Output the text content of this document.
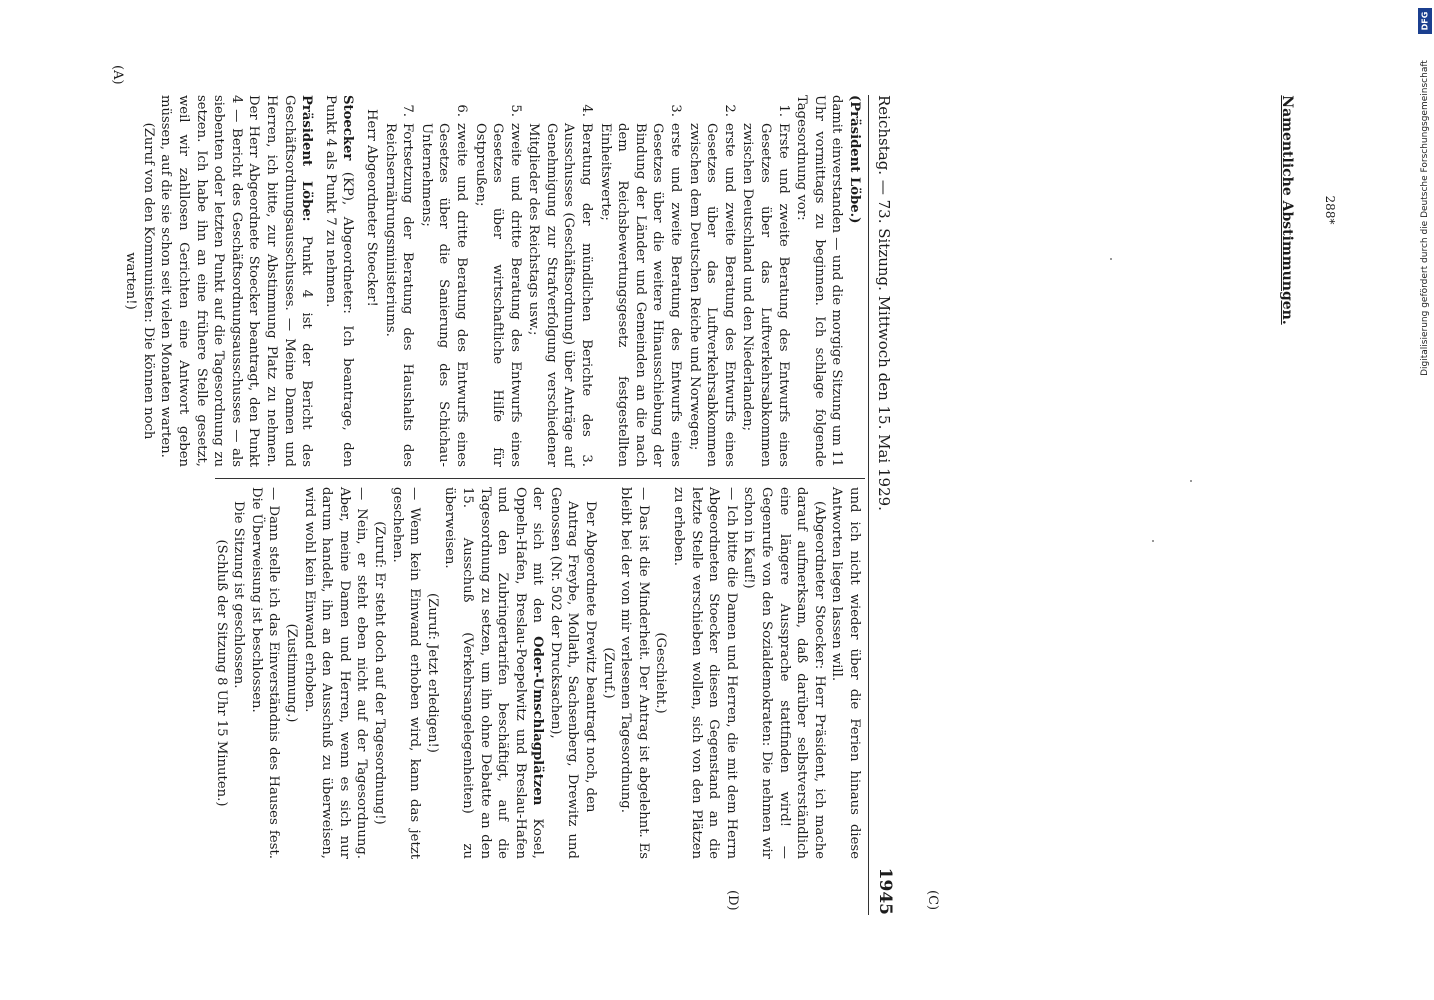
Reichstag. — 73. Sitzung. Mittwoch den 15. Mai 1929.
1945
(A)
(C)
(D)

(Präsident Löbe.)

damit einverstanden — und die morgige Sitzung um 11 Uhr vormittags zu beginnen. Ich schlage folgende Tagesordnung vor:

1.
Erste und zweite Beratung des Entwurfs eines Gesetzes über das Luftverkehrsabkommen zwischen Deutschland und den Niederlanden;
2.
erste und zweite Beratung des Entwurfs eines Gesetzes über das Luftverkehrsabkommen zwischen dem Deutschen Reiche und Norwegen;
3.
erste und zweite Beratung des Entwurfs eines Gesetzes über die weitere Hinausschiebung der Bindung der Länder und Gemeinden an die nach dem Reichsbewertungsgesetz festgestellten Einheitswerte;
4.
Beratung der mündlichen Berichte des 3. Ausschusses (Geschäftsordnung) über Anträge auf Genehmigung zur Strafverfolgung verschiedener Mitglieder des Reichstags usw.;
5.
zweite und dritte Beratung des Entwurfs eines Gesetzes über wirtschaftliche Hilfe für Ostpreußen;
6.
zweite und dritte Beratung des Entwurfs eines Gesetzes über die Sanierung des Schichau-Unternehmens;
7.
Fortsetzung der Beratung des Haushalts des Reichsernährungsministeriums.

Herr Abgeordneter Stoecker!

Stoecker (KP), Abgeordneter: Ich beantrage, den Punkt 4 als Punkt 7 zu nehmen.

Präsident Löbe: Punkt 4 ist der Bericht des Geschäftsordnungsausschusses. — Meine Damen und Herren, ich bitte, zur Abstimmung Platz zu nehmen. Der Herr Abgeordnete Stoecker beantragt, den Punkt 4 — Bericht des Geschäftsordnungsausschusses — als siebenten oder letzten Punkt auf die Tagesordnung zu setzen. Ich habe ihn an eine frühere Stelle gesetzt, weil wir zahllosen Gerichten eine Antwort geben müssen, auf die sie schon seit vielen Monaten warten.

(Zuruf von den Kommunisten: Die können noch warten!)

und ich nicht wieder über die Ferien hinaus diese Antworten liegen lassen will.

(Abgeordneter Stoecker: Herr Präsident, ich mache darauf aufmerksam, daß darüber selbstverständlich eine längere Aussprache stattfinden wird! — Gegenrufe von den Sozialdemokraten: Die nehmen wir schon in Kauf!)

— Ich bitte die Damen und Herren, die mit dem Herrn Abgeordneten Stoecker diesen Gegenstand an die letzte Stelle verschieben wollen, sich von den Plätzen zu erheben.

(Geschieht.)

— Das ist die Minderheit. Der Antrag ist abgelehnt. Es bleibt bei der von mir verlesenen Tagesordnung.

(Zuruf.)

Der Abgeordnete Drewitz beantragt noch, den

Antrag Freybe, Mollath, Sachsenberg, Drewitz und Genossen (Nr. 502 der Drucksachen),

der sich mit den Oder-Umschlagplätzen Kosel, Oppeln-Hafen, Breslau-Poepelwitz und Breslau-Hafen und den Zubringertarifen beschäftigt, auf die Tagesordnung zu setzen, um ihn ohne Debatte an den 15. Ausschuß (Verkehrsangelegenheiten) zu überweisen.

(Zuruf: Jetzt erledigen!)

— Wenn kein Einwand erhoben wird, kann das jetzt geschehen.

(Zuruf: Er steht doch auf der Tagesordnung!)

— Nein, er steht eben nicht auf der Tagesordnung. Aber, meine Damen und Herren, wenn es sich nur darum handelt, ihn an den Ausschuß zu überweisen, wird wohl kein Einwand erhoben.

(Zustimmung.)

— Dann stelle ich das Einverständnis des Hauses fest. Die Überweisung ist beschlossen.

Die Sitzung ist geschlossen.

(Schluß der Sitzung 8 Uhr 15 Minuten.)

Namentliche Abstimmungen. 288*
DFG
Digitalisierung gefördert durch die Deutsche Forschungsgemeinschaft
